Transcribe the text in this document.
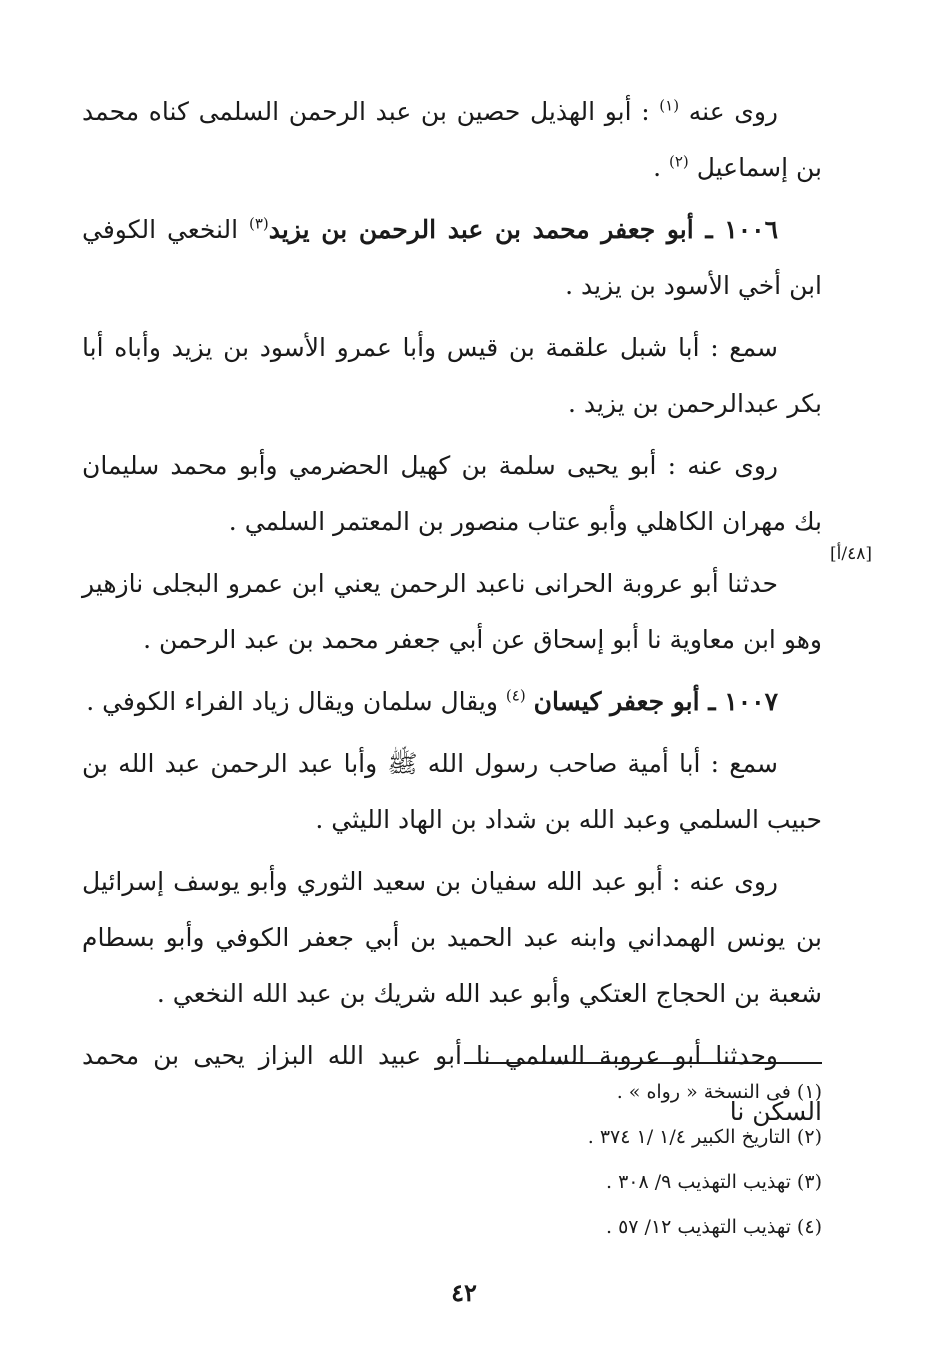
روى عنه $^{(١)}$ : أبو الهذيل حصين بن عبد الرحمن السلمى كناه محمد بن إسماعيل $^{(٢)}$ .

١٠٠٦ ـ أبو جعفر محمد بن عبد الرحمن بن يزيد$^{(٣)}$ النخعي الكوفي ابن أخي الأسود بن يزيد .

سمع : أبا شبل علقمة بن قيس وأبا عمرو الأسود بن يزيد وأباه أبا بكر عبدالرحمن بن يزيد .

روى عنه : أبو يحيى سلمة بن كهيل الحضرمي وأبو محمد سليمان بك مهران الكاهلي وأبو عتاب منصور بن المعتمر السلمي .

حدثنا أبو عروبة الحرانى ناعبد الرحمن يعني ابن عمرو البجلى نازهير وهو ابن معاوية نا أبو إسحاق عن أبي جعفر محمد بن عبد الرحمن .

١٠٠٧ ـ أبو جعفر كيسان $^{(٤)}$ ويقال سلمان ويقال زياد الفراء الكوفي .

سمع : أبا أمية صاحب رسول الله ﷺ وأبا عبد الرحمن عبد الله بن حبيب السلمي وعبد الله بن شداد بن الهاد الليثي .

روى عنه : أبو عبد الله سفيان بن سعيد الثوري وأبو يوسف إسرائيل بن يونس الهمداني وابنه عبد الحميد بن أبي جعفر الكوفي وأبو بسطام شعبة بن الحجاج العتكي وأبو عبد الله شريك بن عبد الله النخعي .

وحدثنا أبو عروبة السلمي نا أبو عبيد الله البزاز يحيى بن محمد السكن نا

[٤٨/أ]

(١) فى النسخة « رواه » .

(٢) التاريخ الكبير ١/٤ /١ ٣٧٤ .

(٣) تهذيب التهذيب ٩/ ٣٠٨ .

(٤) تهذيب التهذيب ١٢/ ٥٧ .

٤٢
